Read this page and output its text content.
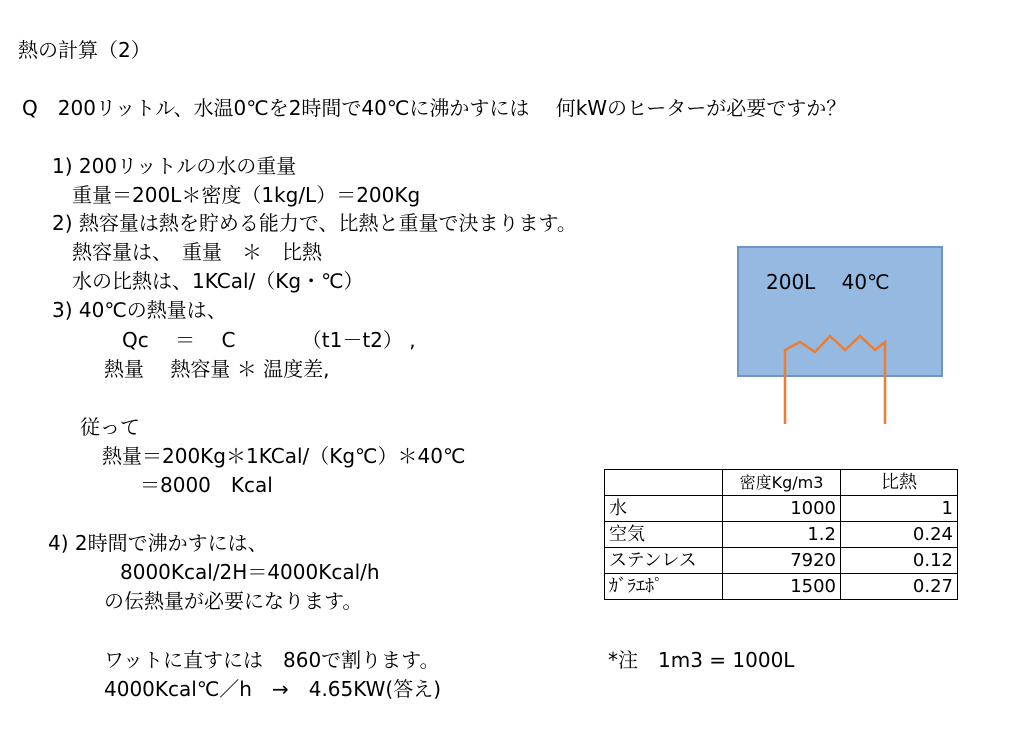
熱の計算（2）
Q　200リットル、水温0℃を2時間で40℃に沸かすには　 何kWのヒーターが必要ですか？
1) 200リットルの水の重量
重量＝200L＊密度（1kg/L）＝200Kg
2) 熱容量は熱を貯める能力で、比熱と重量で決まります。
熱容量は、　重量　＊　比熱
水の比熱は、1KCal/（Kg・℃）
3) 40℃の熱量は、
Qc　 ＝　 C　　　 （t1－t2） ,
熱量　 熱容量 ＊ 温度差,
従って
熱量＝200Kg＊1KCal/（Kg℃）＊40℃
＝8000　Kcal
4) 2時間で沸かすには、
8000Kcal/2H＝4000Kcal/h
の伝熱量が必要になります。
ワットに直すには　860で割ります。
4000Kcal℃／h　→　4.65KW(答え)
200L　 40℃
	密度Kg/m3	比熱
水	1000	1
空気	1.2	0.24
ステンレス	7920	0.12
ｶﾞﾗｴﾎﾟ	1500	0.27
*注　1m3 = 1000L
